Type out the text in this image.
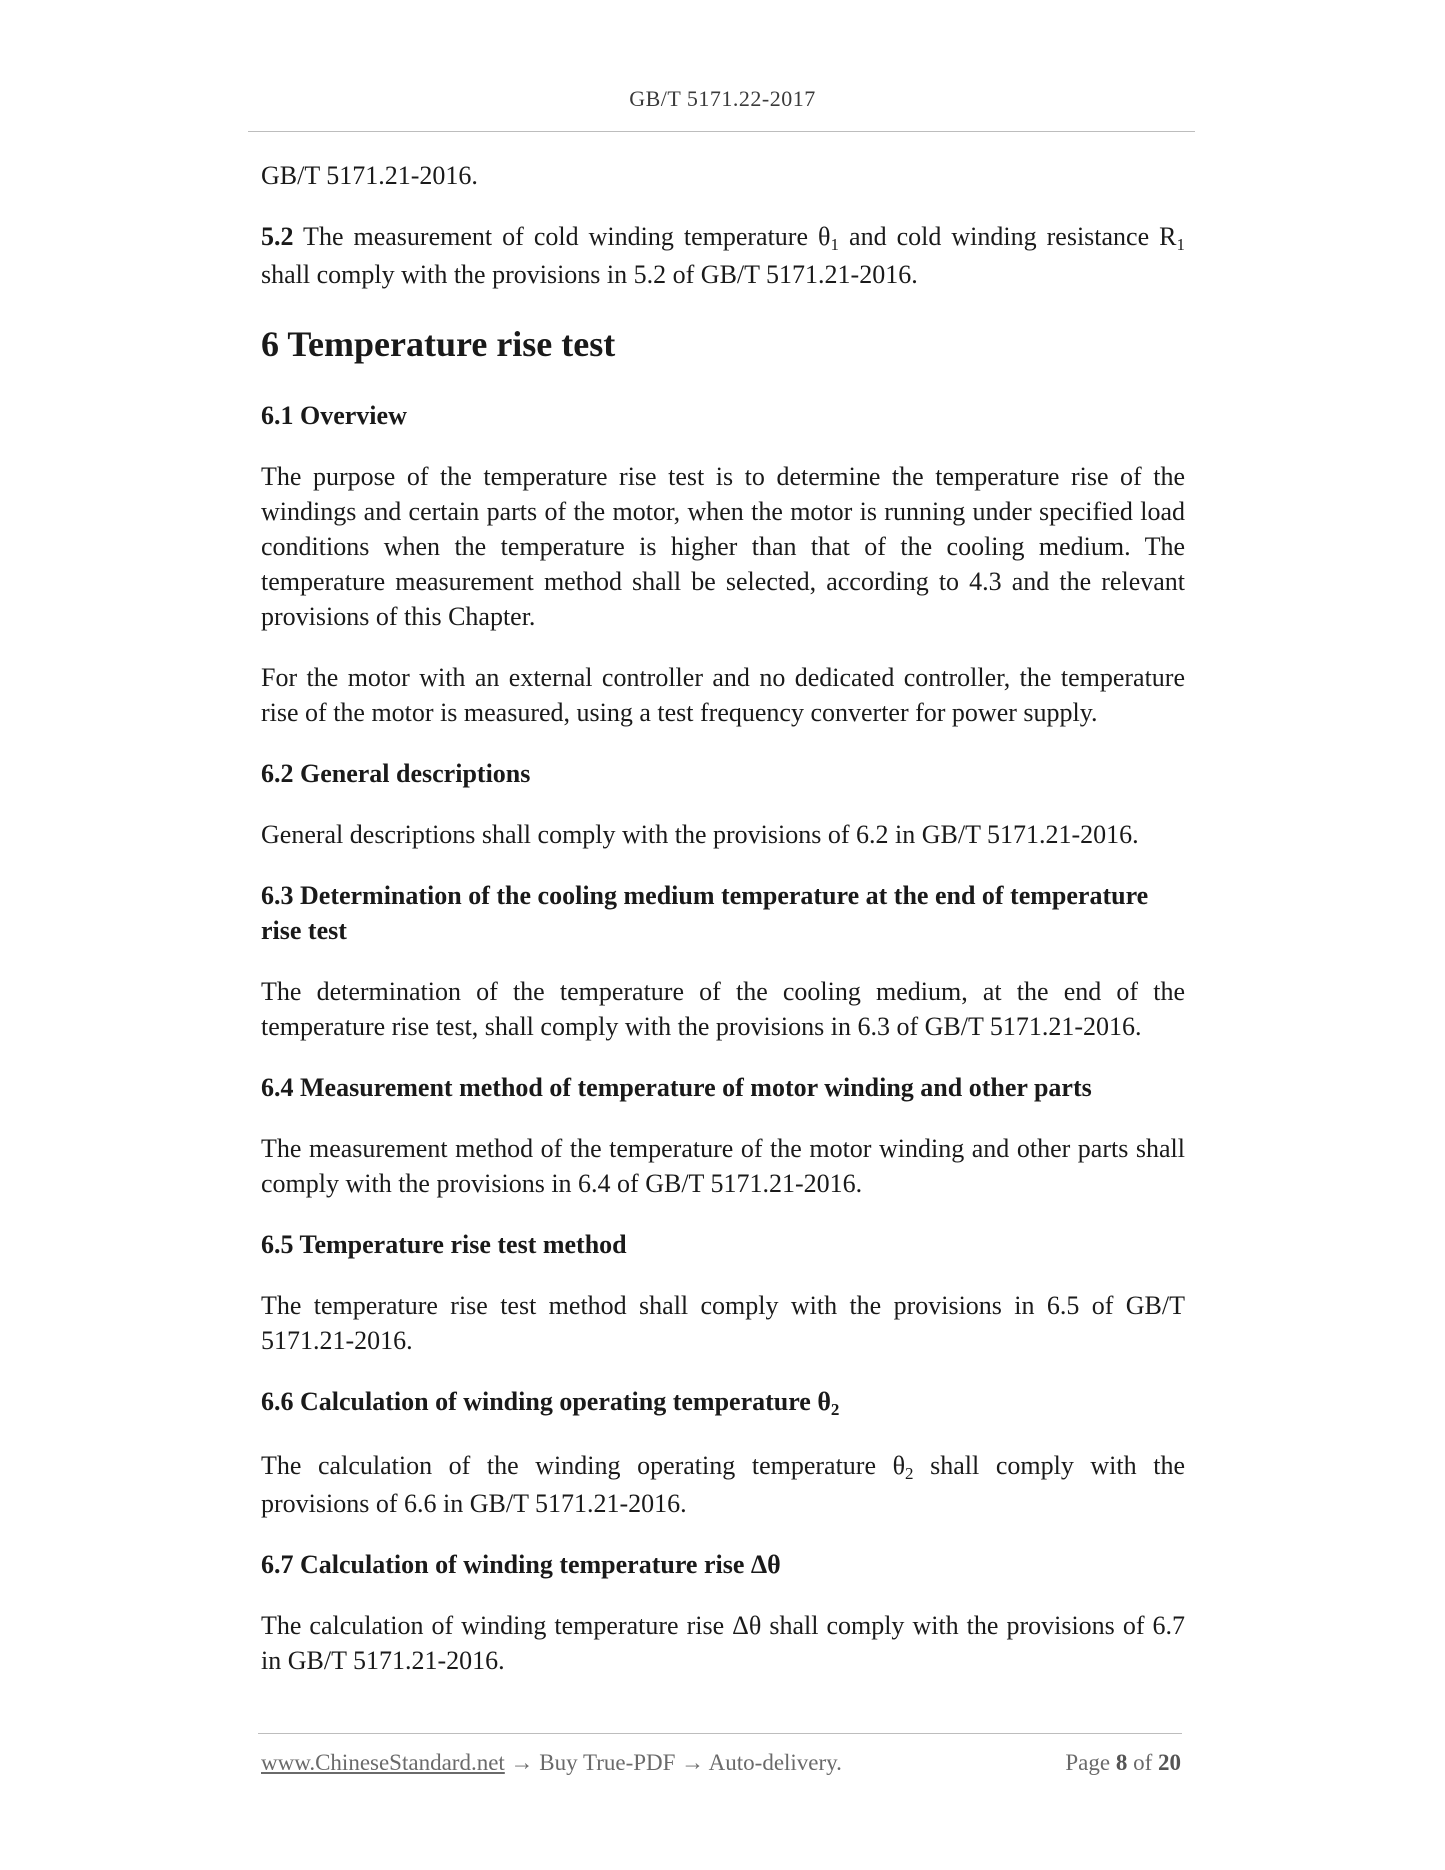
GB/T 5171.22-2017

GB/T 5171.21-2016.

5.2 The measurement of cold winding temperature θ1 and cold winding resistance R1 shall comply with the provisions in 5.2 of GB/T 5171.21-2016.

6 Temperature rise test
6.1 Overview

The purpose of the temperature rise test is to determine the temperature rise of the windings and certain parts of the motor, when the motor is running under specified load conditions when the temperature is higher than that of the cooling medium. The temperature measurement method shall be selected, according to 4.3 and the relevant provisions of this Chapter.

For the motor with an external controller and no dedicated controller, the temperature rise of the motor is measured, using a test frequency converter for power supply.

6.2 General descriptions

General descriptions shall comply with the provisions of 6.2 in GB/T 5171.21-2016.

6.3 Determination of the cooling medium temperature at the end of temperature rise test

The determination of the temperature of the cooling medium, at the end of the temperature rise test, shall comply with the provisions in 6.3 of GB/T 5171.21-2016.

6.4 Measurement method of temperature of motor winding and other parts

The measurement method of the temperature of the motor winding and other parts shall comply with the provisions in 6.4 of GB/T 5171.21-2016.

6.5 Temperature rise test method

The temperature rise test method shall comply with the provisions in 6.5 of GB/T 5171.21-2016.

6.6 Calculation of winding operating temperature θ2

The calculation of the winding operating temperature θ2 shall comply with the provisions of 6.6 in GB/T 5171.21-2016.

6.7 Calculation of winding temperature rise Δθ

The calculation of winding temperature rise Δθ shall comply with the provisions of 6.7 in GB/T 5171.21-2016.

www.ChineseStandard.net → Buy True-PDF → Auto-delivery.	Page 8 of 20
